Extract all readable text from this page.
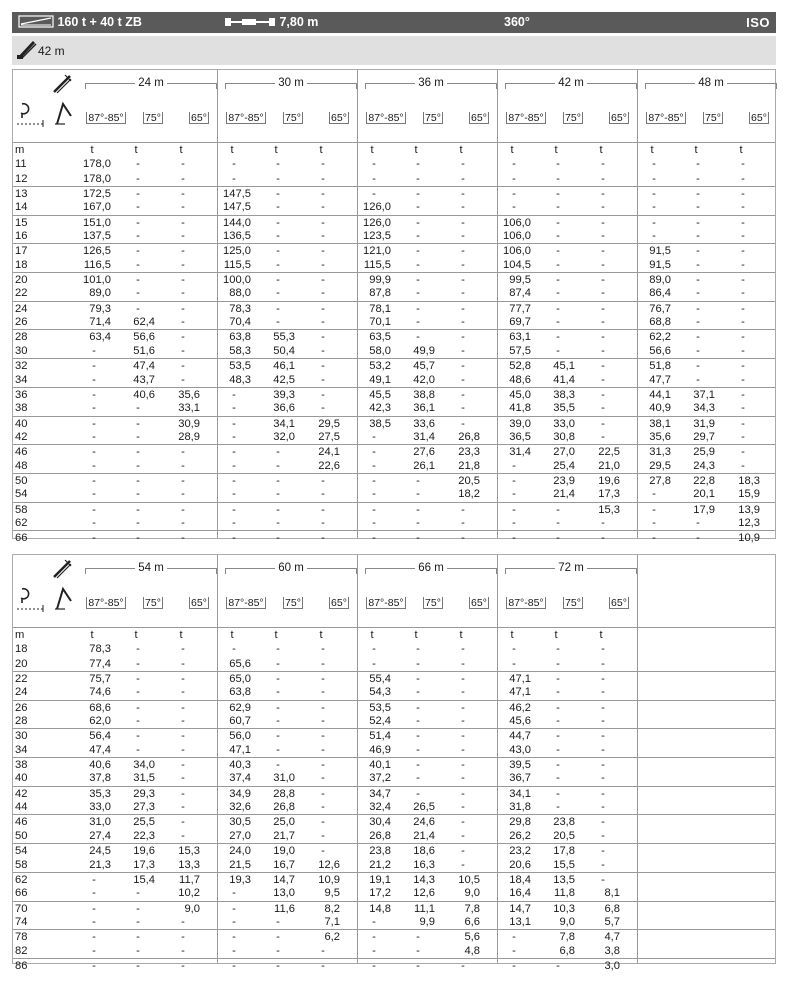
160 t + 40 t ZB	7,80 m	360°	ISO
42 m
24 m
87°-85°	75°	65°
30 m
87°-85°	75°	65°
36 m
87°-85°	75°	65°
42 m
87°-85°	75°	65°
48 m
87°-85°	75°	65°
m	t	t	t	t	t	t	t	t	t	t	t	t	t	t	t
11	178,0	-	-	-	-	-	-	-	-	-	-	-	-	-	-
12	178,0	-	-	-	-	-	-	-	-	-	-	-	-	-	-
13	172,5	-	-	147,5	-	-	-	-	-	-	-	-	-	-	-
14	167,0	-	-	147,5	-	-	126,0	-	-	-	-	-	-	-	-
15	151,0	-	-	144,0	-	-	126,0	-	-	106,0	-	-	-	-	-
16	137,5	-	-	136,5	-	-	123,5	-	-	106,0	-	-	-	-	-
17	126,5	-	-	125,0	-	-	121,0	-	-	106,0	-	-	91,5	-	-
18	116,5	-	-	115,5	-	-	115,5	-	-	104,5	-	-	91,5	-	-
20	101,0	-	-	100,0	-	-	99,9	-	-	99,5	-	-	89,0	-	-
22	89,0	-	-	88,0	-	-	87,8	-	-	87,4	-	-	86,4	-	-
24	79,3	-	-	78,3	-	-	78,1	-	-	77,7	-	-	76,7	-	-
26	71,4	62,4	-	70,4	-	-	70,1	-	-	69,7	-	-	68,8	-	-
28	63,4	56,6	-	63,8	55,3	-	63,5	-	-	63,1	-	-	62,2	-	-
30	-	51,6	-	58,3	50,4	-	58,0	49,9	-	57,5	-	-	56,6	-	-
32	-	47,4	-	53,5	46,1	-	53,2	45,7	-	52,8	45,1	-	51,8	-	-
34	-	43,7	-	48,3	42,5	-	49,1	42,0	-	48,6	41,4	-	47,7	-	-
36	-	40,6	35,6	-	39,3	-	45,5	38,8	-	45,0	38,3	-	44,1	37,1	-
38	-	-	33,1	-	36,6	-	42,3	36,1	-	41,8	35,5	-	40,9	34,3	-
40	-	-	30,9	-	34,1	29,5	38,5	33,6	-	39,0	33,0	-	38,1	31,9	-
42	-	-	28,9	-	32,0	27,5	-	31,4	26,8	36,5	30,8	-	35,6	29,7	-
46	-	-	-	-	-	24,1	-	27,6	23,3	31,4	27,0	22,5	31,3	25,9	-
48	-	-	-	-	-	22,6	-	26,1	21,8	-	25,4	21,0	29,5	24,3	-
50	-	-	-	-	-	-	-	-	20,5	-	23,9	19,6	27,8	22,8	18,3
54	-	-	-	-	-	-	-	-	18,2	-	21,4	17,3	-	20,1	15,9
58	-	-	-	-	-	-	-	-	-	-	-	15,3	-	17,9	13,9
62	-	-	-	-	-	-	-	-	-	-	-	-	-	-	12,3
66	-	-	-	-	-	-	-	-	-	-	-	-	-	-	10,9
54 m
87°-85°	75°	65°
60 m
87°-85°	75°	65°
66 m
87°-85°	75°	65°
72 m
87°-85°	75°	65°
m	t	t	t	t	t	t	t	t	t	t	t	t
18	78,3	-	-	-	-	-	-	-	-	-	-	-
20	77,4	-	-	65,6	-	-	-	-	-	-	-	-
22	75,7	-	-	65,0	-	-	55,4	-	-	47,1	-	-
24	74,6	-	-	63,8	-	-	54,3	-	-	47,1	-	-
26	68,6	-	-	62,9	-	-	53,5	-	-	46,2	-	-
28	62,0	-	-	60,7	-	-	52,4	-	-	45,6	-	-
30	56,4	-	-	56,0	-	-	51,4	-	-	44,7	-	-
34	47,4	-	-	47,1	-	-	46,9	-	-	43,0	-	-
38	40,6	34,0	-	40,3	-	-	40,1	-	-	39,5	-	-
40	37,8	31,5	-	37,4	31,0	-	37,2	-	-	36,7	-	-
42	35,3	29,3	-	34,9	28,8	-	34,7	-	-	34,1	-	-
44	33,0	27,3	-	32,6	26,8	-	32,4	26,5	-	31,8	-	-
46	31,0	25,5	-	30,5	25,0	-	30,4	24,6	-	29,8	23,8	-
50	27,4	22,3	-	27,0	21,7	-	26,8	21,4	-	26,2	20,5	-
54	24,5	19,6	15,3	24,0	19,0	-	23,8	18,6	-	23,2	17,8	-
58	21,3	17,3	13,3	21,5	16,7	12,6	21,2	16,3	-	20,6	15,5	-
62	-	15,4	11,7	19,3	14,7	10,9	19,1	14,3	10,5	18,4	13,5	-
66	-	-	10,2	-	13,0	9,5	17,2	12,6	9,0	16,4	11,8	8,1
70	-	-	9,0	-	11,6	8,2	14,8	11,1	7,8	14,7	10,3	6,8
74	-	-	-	-	-	7,1	-	9,9	6,6	13,1	9,0	5,7
78	-	-	-	-	-	6,2	-	-	5,6	-	7,8	4,7
82	-	-	-	-	-	-	-	-	4,8	-	6,8	3,8
86	-	-	-	-	-	-	-	-	-	-	-	3,0
